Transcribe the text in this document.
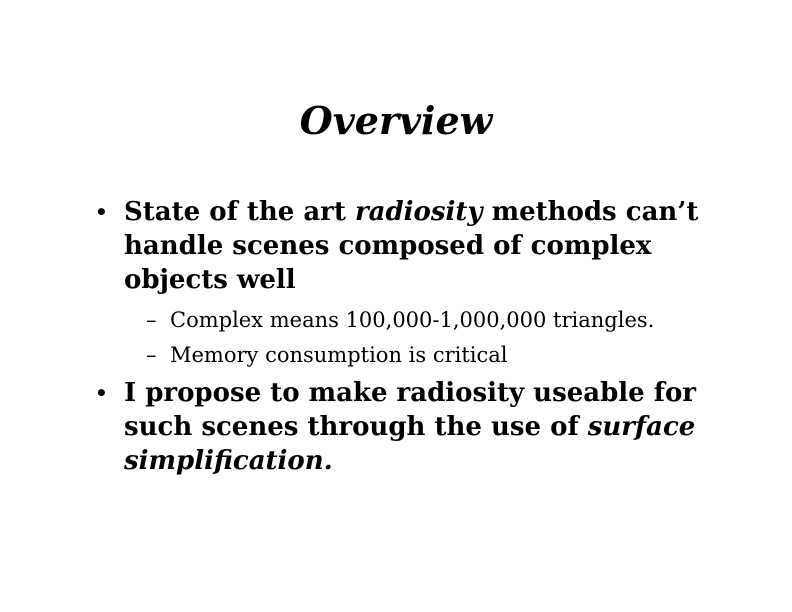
Overview
• State of the art radiosity methods can’t
handle scenes composed of complex
objects well
– Complex means 100,000-1,000,000 triangles.
– Memory consumption is critical
• I propose to make radiosity useable for
such scenes through the use of surface
simplification.
